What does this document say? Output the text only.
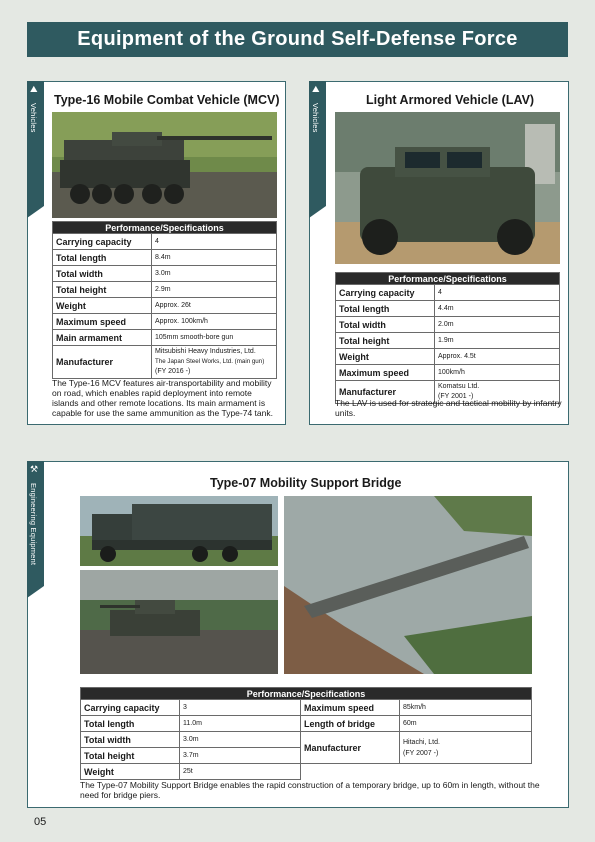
Equipment of the Ground Self-Defense Force
⛰
Vehicles
Type-16 Mobile Combat Vehicle (MCV)
Performance/Specifications	
Carrying capacity	4
Total length	8.4m
Total width	3.0m
Total height	2.9m
Weight	Approx. 26t
Maximum speed	Approx. 100km/h
Main armament	105mm smooth-bore gun
Manufacturer	Mitsubishi Heavy Industries, Ltd.
The Japan Steel Works, Ltd. (main gun)
(FY 2016 -)
The Type-16 MCV features air-transportability and mobility on road, which enables rapid deployment into remote islands and other remote locations. Its main armament is capable for use the same ammunition as the Type-74 tank.
⛰
Vehicles
Light Armored Vehicle (LAV)
Performance/Specifications	
Carrying capacity	4
Total length	4.4m
Total width	2.0m
Total height	1.9m
Weight	Approx. 4.5t
Maximum speed	100km/h
Manufacturer	Komatsu Ltd.
(FY 2001 -)
The LAV is used for strategic and tactical mobility by infantry units.
⚒
Engineering Equipment	Type-07 Mobility Support Bridge
Performance/Specifications			
Carrying capacity	3	Maximum speed	85km/h
Total length	11.0m	Length of bridge	60m
Total width	3.0m	Manufacturer	Hitachi, Ltd.
(FY 2007 -)

Total height	3.7m		
Weight	25t		
The Type-07 Mobility Support Bridge enables the rapid construction of a temporary bridge, up to 60m in length, without the need for bridge piers.
05
